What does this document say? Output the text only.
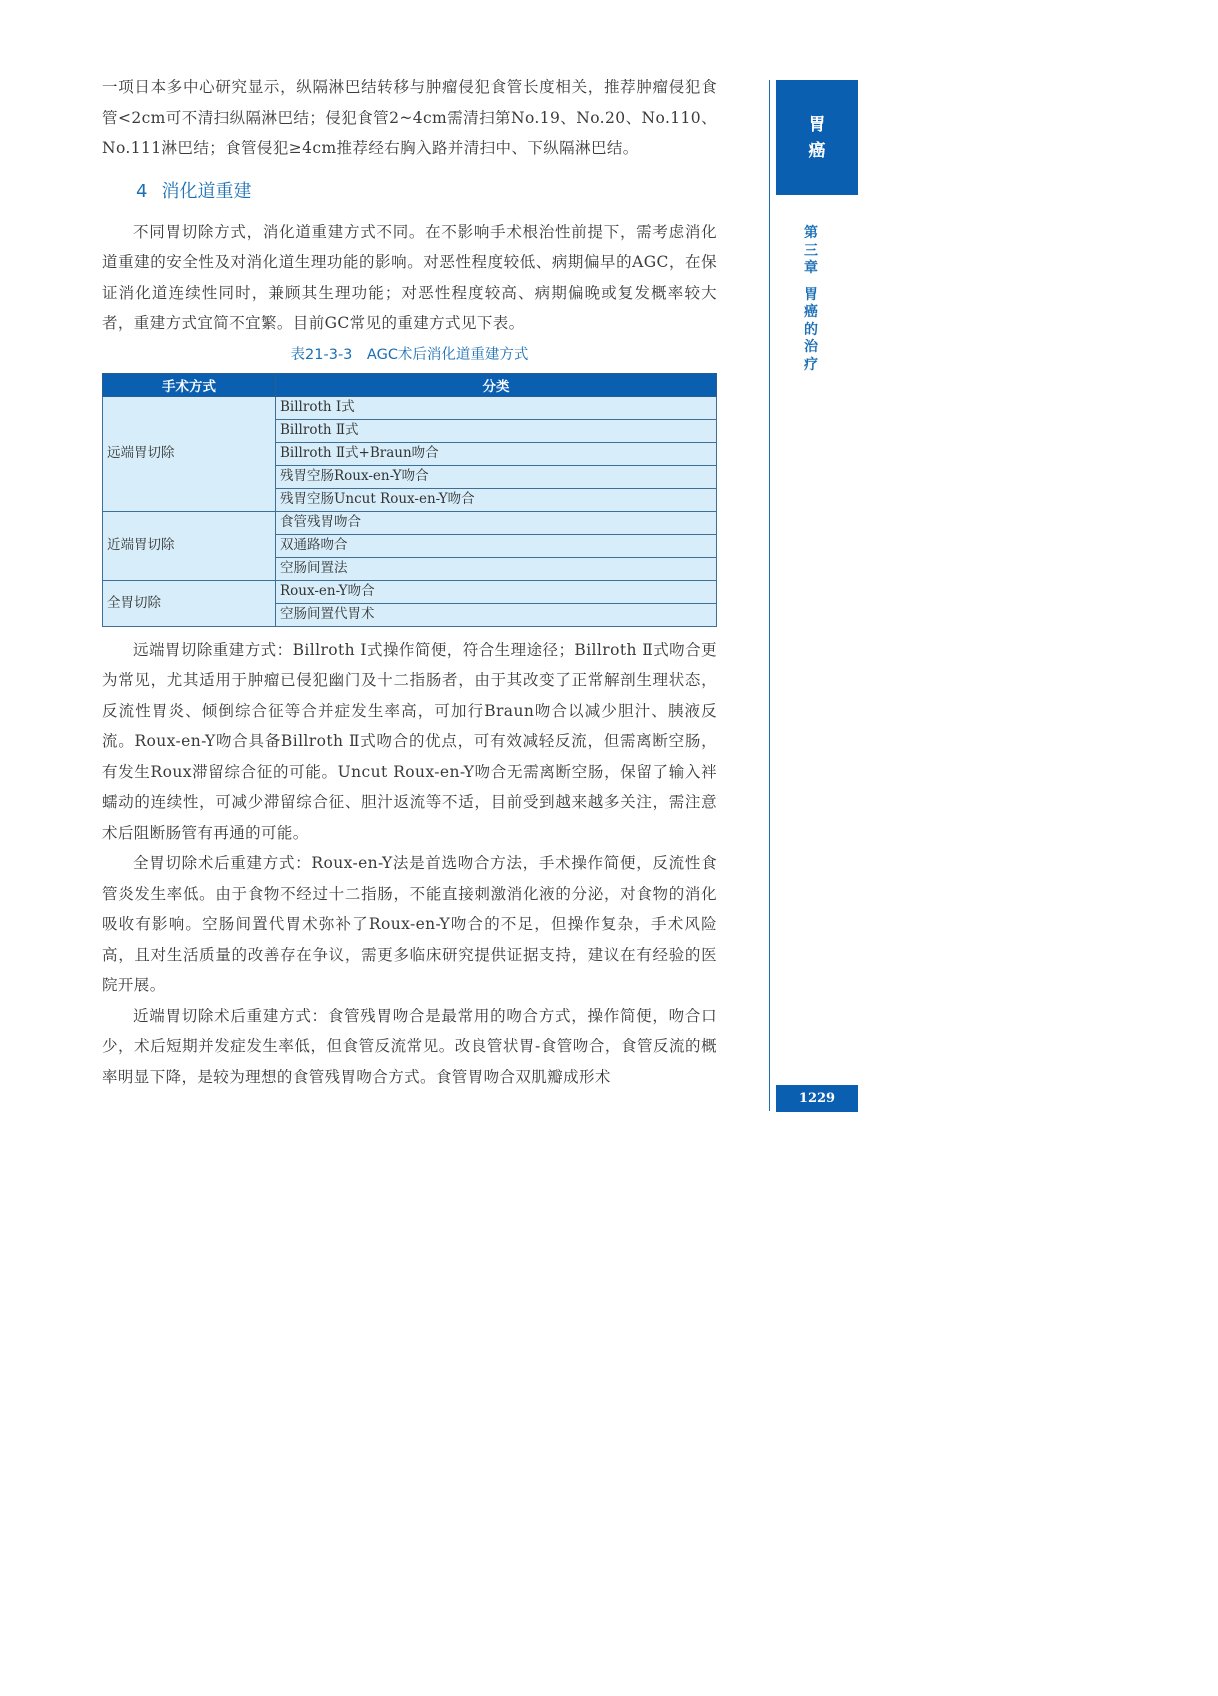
一项日本多中心研究显示，纵隔淋巴结转移与肿瘤侵犯食管长度相关，推荐肿瘤侵犯食管<2cm可不清扫纵隔淋巴结；侵犯食管2~4cm需清扫第No.19、No.20、No.110、No.111淋巴结；食管侵犯≥4cm推荐经右胸入路并清扫中、下纵隔淋巴结。

4 消化道重建

不同胃切除方式，消化道重建方式不同。在不影响手术根治性前提下，需考虑消化道重建的安全性及对消化道生理功能的影响。对恶性程度较低、病期偏早的AGC，在保证消化道连续性同时，兼顾其生理功能；对恶性程度较高、病期偏晚或复发概率较大者，重建方式宜简不宜繁。目前GC常见的重建方式见下表。

表21-3-3　AGC术后消化道重建方式
手术方式	分类
远端胃切除	Billroth Ⅰ式
	Billroth Ⅱ式
	Billroth Ⅱ式+Braun吻合
	残胃空肠Roux-en-Y吻合
	残胃空肠Uncut Roux-en-Y吻合
近端胃切除	食管残胃吻合
	双通路吻合
	空肠间置法
全胃切除	Roux-en-Y吻合
	空肠间置代胃术

远端胃切除重建方式：Billroth Ⅰ式操作简便，符合生理途径；Billroth Ⅱ式吻合更为常见，尤其适用于肿瘤已侵犯幽门及十二指肠者，由于其改变了正常解剖生理状态，反流性胃炎、倾倒综合征等合并症发生率高，可加行Braun吻合以减少胆汁、胰液反流。Roux-en-Y吻合具备Billroth Ⅱ式吻合的优点，可有效减轻反流，但需离断空肠，有发生Roux滞留综合征的可能。Uncut Roux-en-Y吻合无需离断空肠，保留了输入袢蠕动的连续性，可减少滞留综合征、胆汁返流等不适，目前受到越来越多关注，需注意术后阻断肠管有再通的可能。

全胃切除术后重建方式：Roux-en-Y法是首选吻合方法，手术操作简便，反流性食管炎发生率低。由于食物不经过十二指肠，不能直接刺激消化液的分泌，对食物的消化吸收有影响。空肠间置代胃术弥补了Roux-en-Y吻合的不足，但操作复杂，手术风险高，且对生活质量的改善存在争议，需更多临床研究提供证据支持，建议在有经验的医院开展。

近端胃切除术后重建方式：食管残胃吻合是最常用的吻合方式，操作简便，吻合口少，术后短期并发症发生率低，但食管反流常见。改良管状胃-食管吻合，食管反流的概率明显下降，是较为理想的食管残胃吻合方式。食管胃吻合双肌瓣成形术

胃
癌
第
三
章
胃
癌
的
治
疗
1229
